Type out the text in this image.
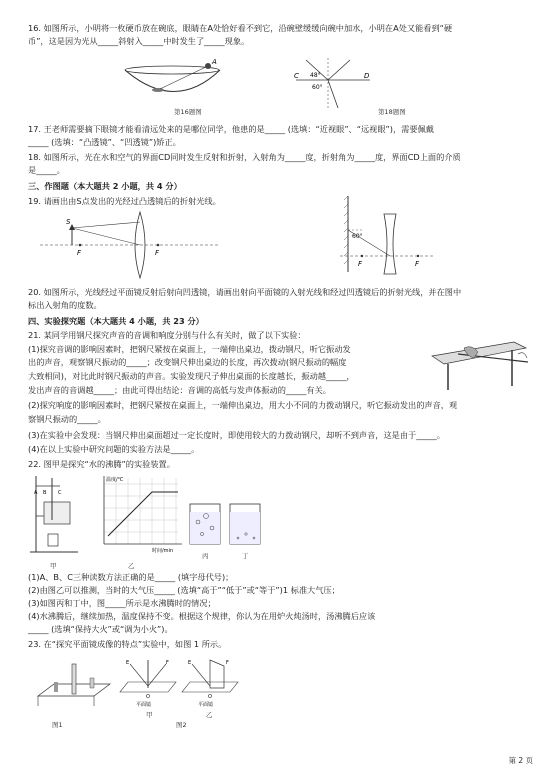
16. 如图所示，小明将一枚硬币放在碗底，眼睛在A处恰好看不到它，沿碗壁缓缓向碗中加水，小明在A处又能看到“硬
币”，这是因为光从_____斜射入_____中时发生了_____现象。
A
第16题图
C	D
48°
60°
第18题图
17. 王老师需要摘下眼镜才能看清远处来的是哪位同学，他患的是_____ (选填：“近视眼”、“远视眼”)，需要佩戴
_____ (选填：“凸透镜”、“凹透镜”)矫正。
18. 如图所示，光在水和空气的界面CD同时发生反射和折射，入射角为_____度，折射角为_____度，界面CD上面的介质
是_____。
三、作图题（本大题共 2 小题，共 4 分）
19. 请画出由S点发出的光经过凸透镜后的折射光线。
S
F	F
60°
F	F
20. 如图所示，光线经过平面镜反射后射向凹透镜，请画出射向平面镜的入射光线和经过凹透镜后的折射光线，并在图中
标出入射角的度数。
四、实验探究题（本大题共 4 小题，共 23 分）
21. 某同学用钢尺探究声音的音调和响度分别与什么有关时，做了以下实验：
(1)探究音调的影响因素时，把钢尺紧按在桌面上，一端伸出桌边，拨动钢尺，听它振动发
出的声音，观察钢尺振动的_____；改变钢尺伸出桌边的长度，再次拨动(钢尺振动的幅度
大致相同)，对比此时钢尺振动的声音。实验发现尺子伸出桌面的长度越长，振动越_____，
发出声音的音调越_____；由此可得出结论：音调的高低与发声体振动的_____有关。
(2)探究响度的影响因素时，把钢尺紧按在桌面上，一端伸出桌边，用大小不同的力拨动钢尺，听它振动发出的声音，观
察钢尺振动的_____。
(3)在实验中会发现：当钢尺伸出桌面超过一定长度时，即使用较大的力拨动钢尺，却听不到声音，这是由于_____。
(4)在以上实验中研究问题的实验方法是_____。
22. 图甲是探究“水的沸腾”的实验装置。
A B C
甲
温度/℃
时间/min
乙
丙	丁
(1)A、B、C三种读数方法正确的是_____ (填字母代号)；
(2)由图乙可以推测，当时的大气压_____ (选填“高于”“低于”或“等于”)1 标准大气压；
(3)如图丙和丁中，图_____所示是水沸腾时的情况；
(4)水沸腾后，继续加热，温度保持不变。根据这个规律，你认为在用炉火炖汤时，汤沸腾后应该
_____ (选填“保持大火”或“调为小火”)。
23. 在“探究平面镜成像的特点”实验中，如图 1 所示。
图1
E	F
O
平面镜
甲
E	F
O
平面镜
乙
图2
第 2 页
